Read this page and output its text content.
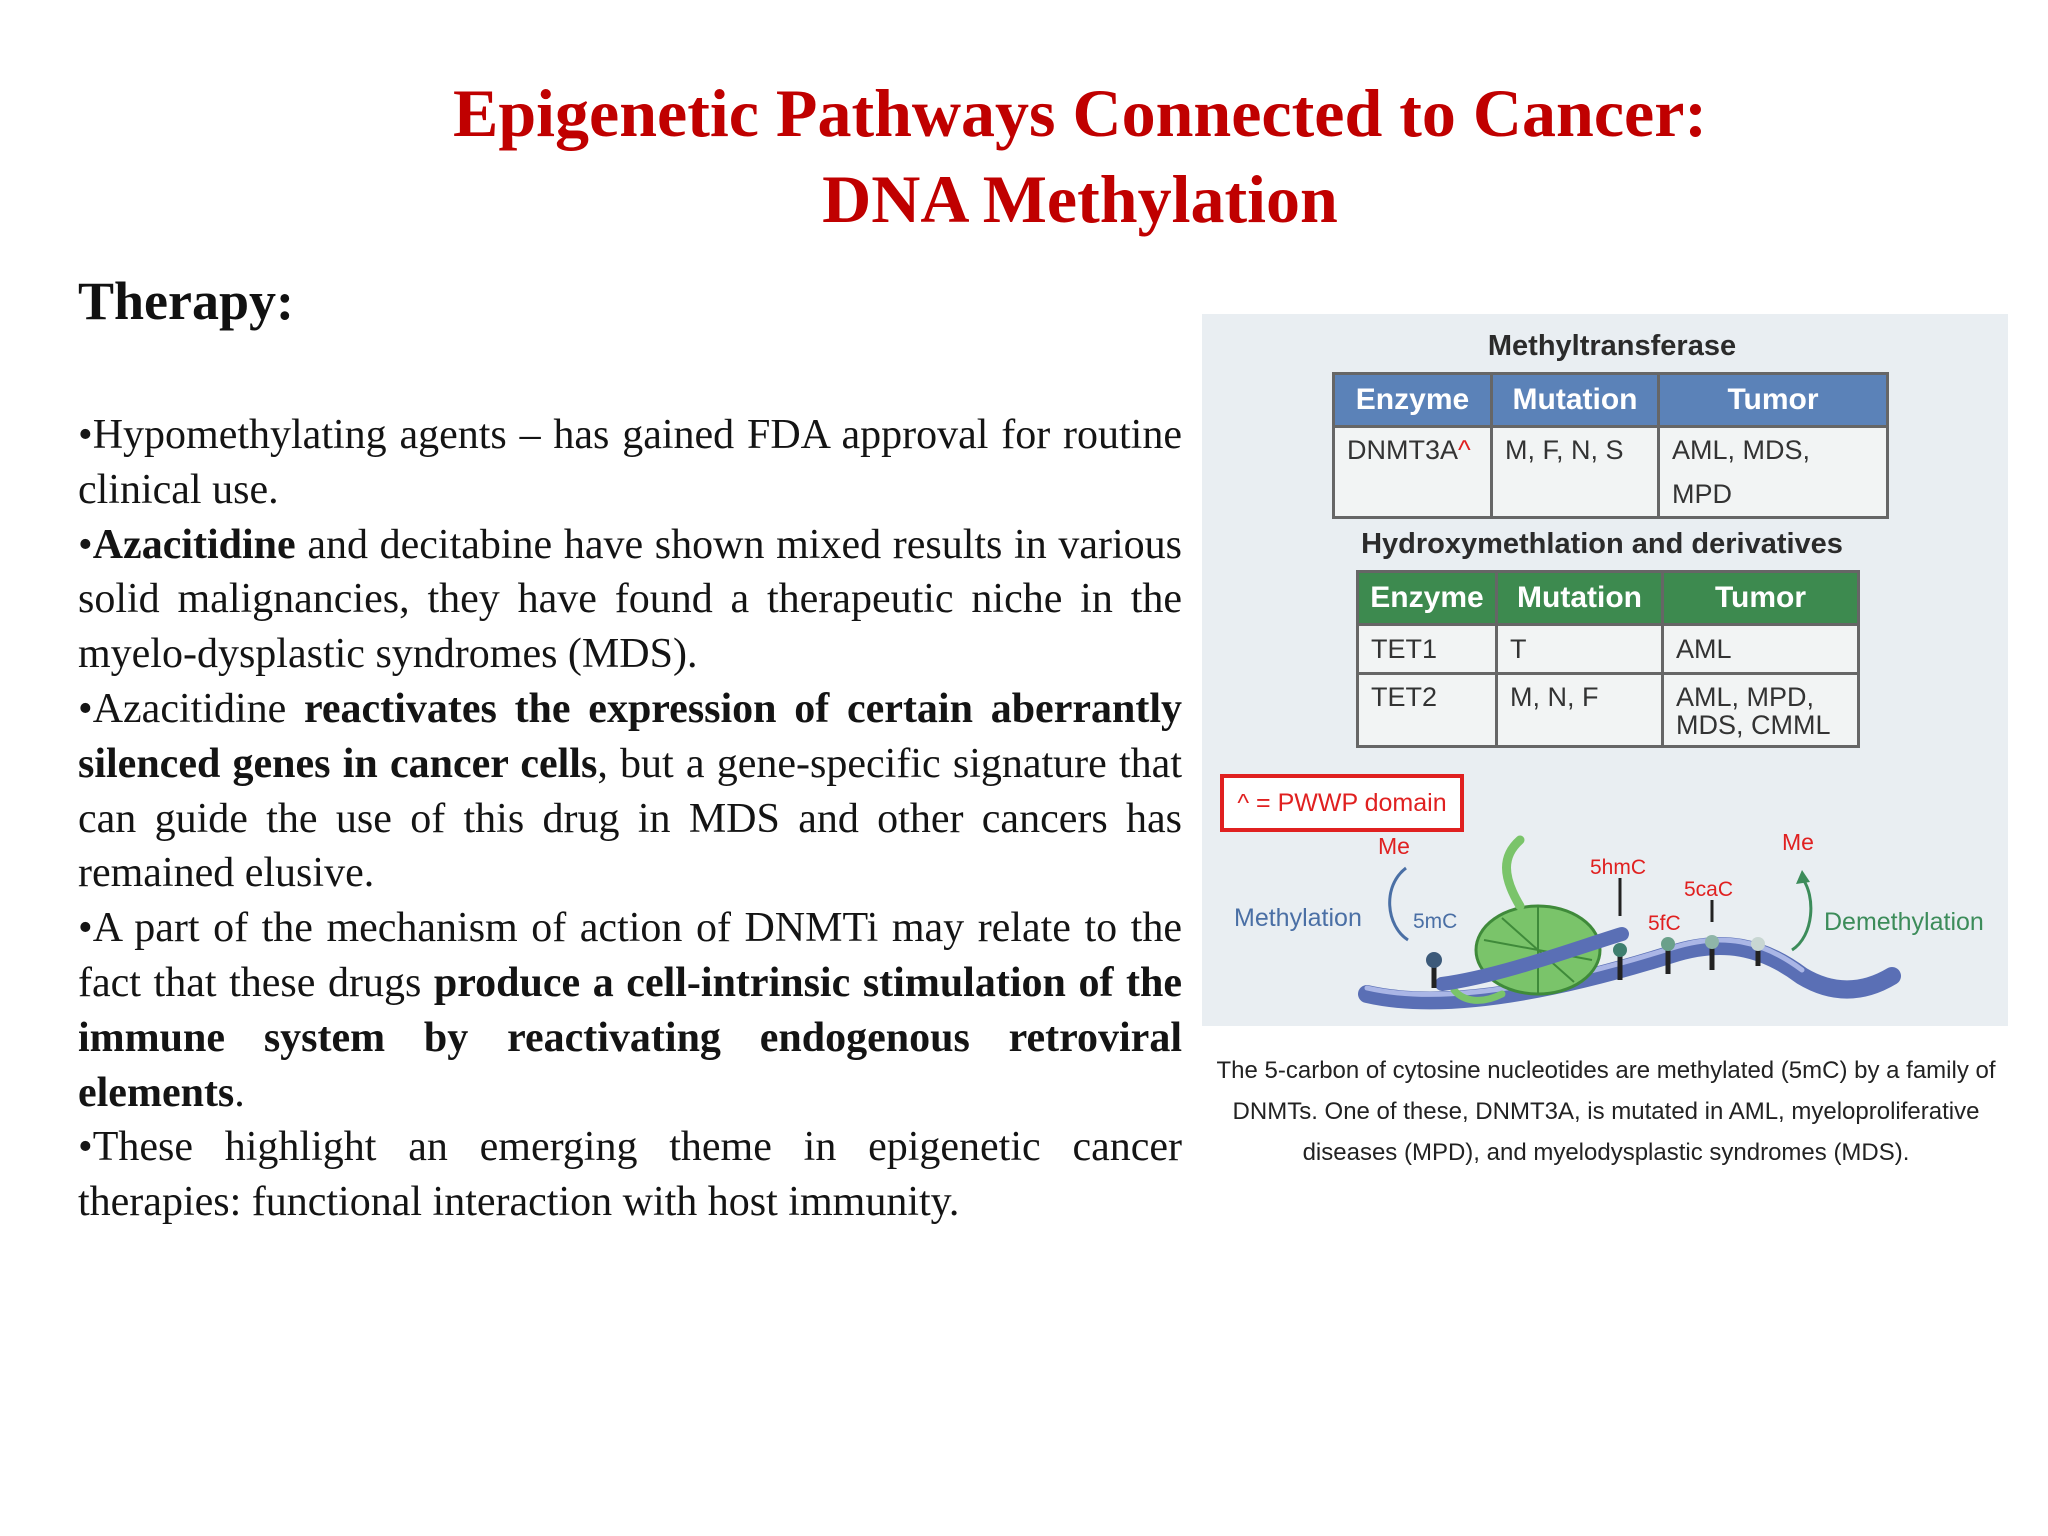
Epigenetic Pathways Connected to Cancer:
DNA Methylation
Therapy:

•Hypomethylating agents – has gained FDA approval for routine clinical use.

•Azacitidine and decitabine have shown mixed results in various solid malignancies, they have found a therapeutic niche in the myelo-dysplastic syndromes (MDS).

•Azacitidine reactivates the expression of certain aberrantly silenced genes in cancer cells, but a gene-specific signature that can guide the use of this drug in MDS and other cancers has remained elusive.

•A part of the mechanism of action of DNMTi may relate to the fact that these drugs produce a cell-intrinsic stimulation of the immune system by reactivating endogenous retroviral elements.

•These highlight an emerging theme in epigenetic cancer therapies: functional interaction with host immunity.

Methyltransferase
Enzyme	Mutation	Tumor
DNMT3A^	M, F, N, S	AML, MDS, MPD
Hydroxymethlation and derivatives
Enzyme	Mutation	Tumor
TET1	T	AML
TET2	M, N, F	AML, MPD, MDS, CMML
^ = PWWP domain
Methylation
Me
5mC
5hmC
5fC
5caC
Me
Demethylation
The 5-carbon of cytosine nucleotides are methylated (5mC) by a family of DNMTs. One of these, DNMT3A, is mutated in AML, myeloproliferative diseases (MPD), and myelodysplastic syndromes (MDS).
